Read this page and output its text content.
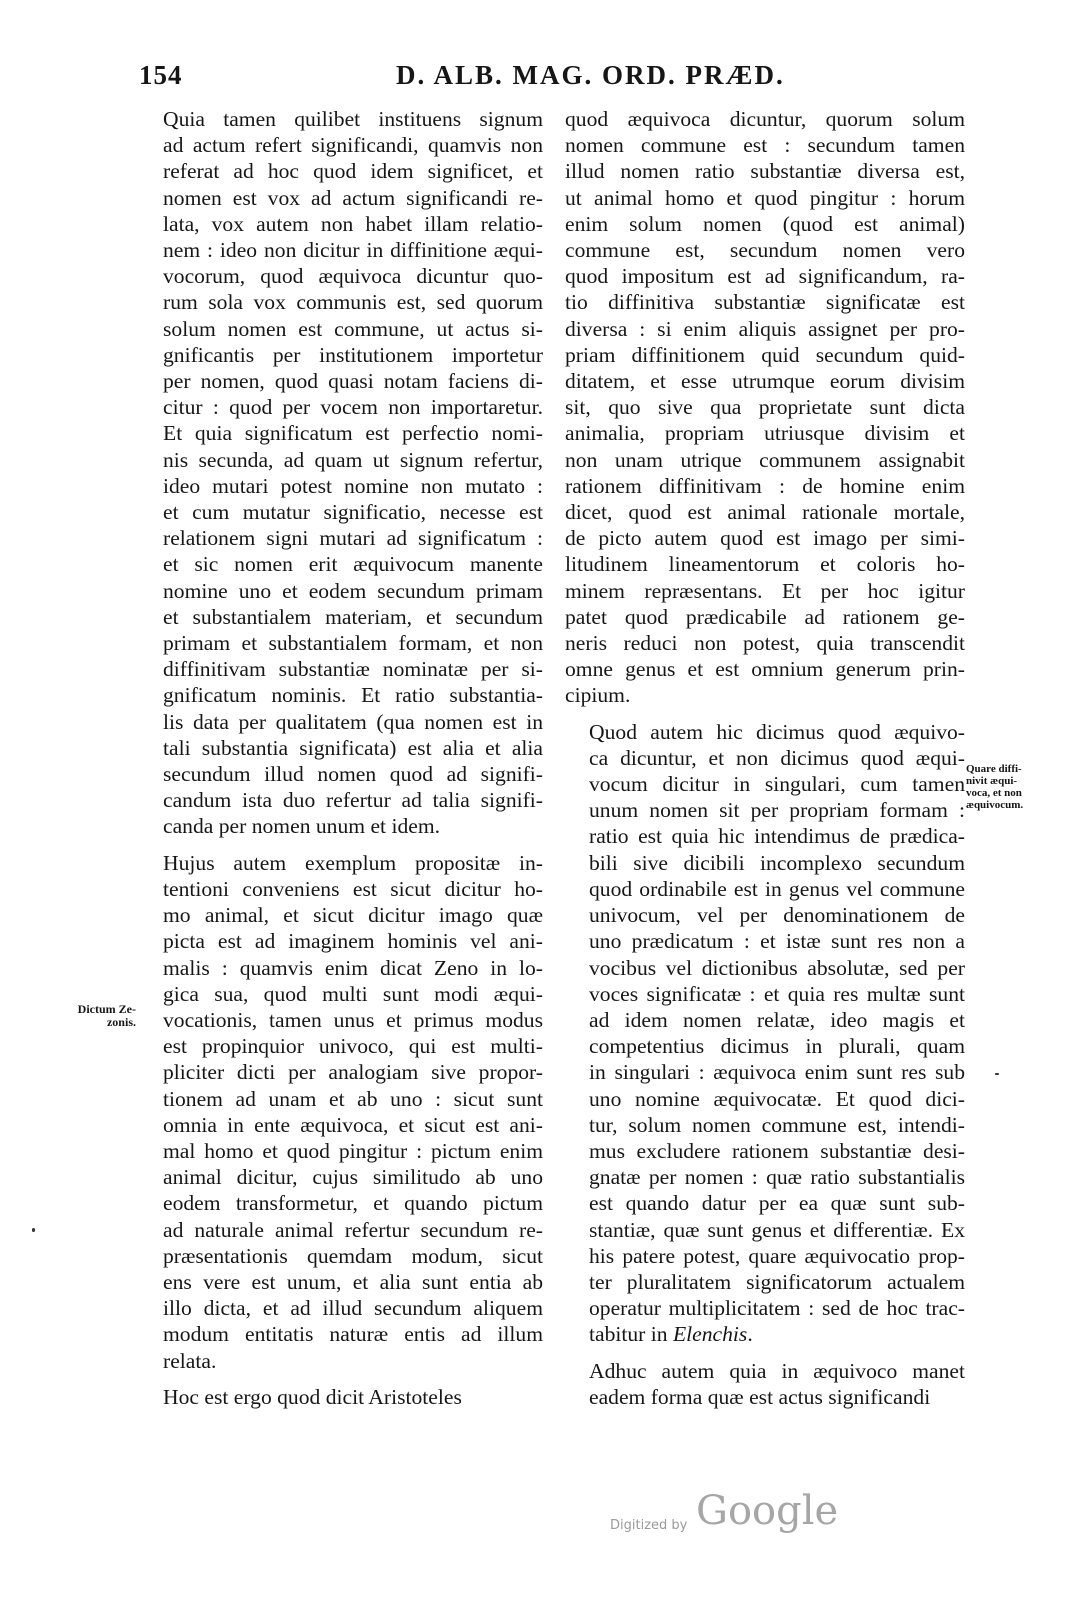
154	D. ALB. MAG. ORD. PRÆD.

Quia tamen quilibet instituens signum
ad actum refert significandi, quamvis non
referat ad hoc quod idem significet, et
nomen est vox ad actum significandi re-
lata, vox autem non habet illam relatio-
nem : ideo non dicitur in diffinitione æqui-
vocorum, quod æquivoca dicuntur quo-
rum sola vox communis est, sed quorum
solum nomen est commune, ut actus si-
gnificantis per institutionem importetur
per nomen, quod quasi notam faciens di-
citur : quod per vocem non importaretur.
Et quia significatum est perfectio nomi-
nis secunda, ad quam ut signum refertur,
ideo mutari potest nomine non mutato :
et cum mutatur significatio, necesse est
relationem signi mutari ad significatum :
et sic nomen erit æquivocum manente
nomine uno et eodem secundum primam
et substantialem materiam, et secundum
primam et substantialem formam, et non
diffinitivam substantiæ nominatæ per si-
gnificatum nominis. Et ratio substantia-
lis data per qualitatem (qua nomen est in
tali substantia significata) est alia et alia
secundum illud nomen quod ad signifi-
candum ista duo refertur ad talia signifi-
canda per nomen unum et idem.

Hujus autem exemplum propositæ in-
tentioni conveniens est sicut dicitur ho-
mo animal, et sicut dicitur imago quæ
picta est ad imaginem hominis vel ani-
malis : quamvis enim dicat Zeno in lo-
gica sua, quod multi sunt modi æqui-
vocationis, tamen unus et primus modus
est propinquior univoco, qui est multi-
pliciter dicti per analogiam sive propor-
tionem ad unam et ab uno : sicut sunt
omnia in ente æquivoca, et sicut est ani-
mal homo et quod pingitur : pictum enim
animal dicitur, cujus similitudo ab uno
eodem transformetur, et quando pictum
ad naturale animal refertur secundum re-
præsentationis quemdam modum, sicut
ens vere est unum, et alia sunt entia ab
illo dicta, et ad illud secundum aliquem
modum entitatis naturæ entis ad illum
relata.

Hoc est ergo quod dicit Aristoteles

quod æquivoca dicuntur, quorum solum
nomen commune est : secundum tamen
illud nomen ratio substantiæ diversa est,
ut animal homo et quod pingitur : horum
enim solum nomen (quod est animal)
commune est, secundum nomen vero
quod impositum est ad significandum, ra-
tio diffinitiva substantiæ significatæ est
diversa : si enim aliquis assignet per pro-
priam diffinitionem quid secundum quid-
ditatem, et esse utrumque eorum divisim
sit, quo sive qua proprietate sunt dicta
animalia, propriam utriusque divisim et
non unam utrique communem assignabit
rationem diffinitivam : de homine enim
dicet, quod est animal rationale mortale,
de picto autem quod est imago per simi-
litudinem lineamentorum et coloris ho-
minem repræsentans. Et per hoc igitur
patet quod prædicabile ad rationem ge-
neris reduci non potest, quia transcendit
omne genus et est omnium generum prin-
cipium.

Quod autem hic dicimus quod æquivo-
ca dicuntur, et non dicimus quod æqui-
vocum dicitur in singulari, cum tamen
unum nomen sit per propriam formam :
ratio est quia hic intendimus de prædica-
bili sive dicibili incomplexo secundum
quod ordinabile est in genus vel commune
univocum, vel per denominationem de
uno prædicatum : et istæ sunt res non a
vocibus vel dictionibus absolutæ, sed per
voces significatæ : et quia res multæ sunt
ad idem nomen relatæ, ideo magis et
competentius dicimus in plurali, quam
in singulari : æquivoca enim sunt res sub
uno nomine æquivocatæ. Et quod dici-
tur, solum nomen commune est, intendi-
mus excludere rationem substantiæ desi-
gnatæ per nomen : quæ ratio substantialis
est quando datur per ea quæ sunt sub-
stantiæ, quæ sunt genus et differentiæ. Ex
his patere potest, quare æquivocatio prop-
ter pluralitatem significatorum actualem
operatur multiplicitatem : sed de hoc trac-
tabitur in Elenchis.

Adhuc autem quia in æquivoco manet
eadem forma quæ est actus significandi

Dictum Ze-
zonis.
Quare diffi-
nivit æqui-
voca, et non
æquivocum.
Digitized by Google
